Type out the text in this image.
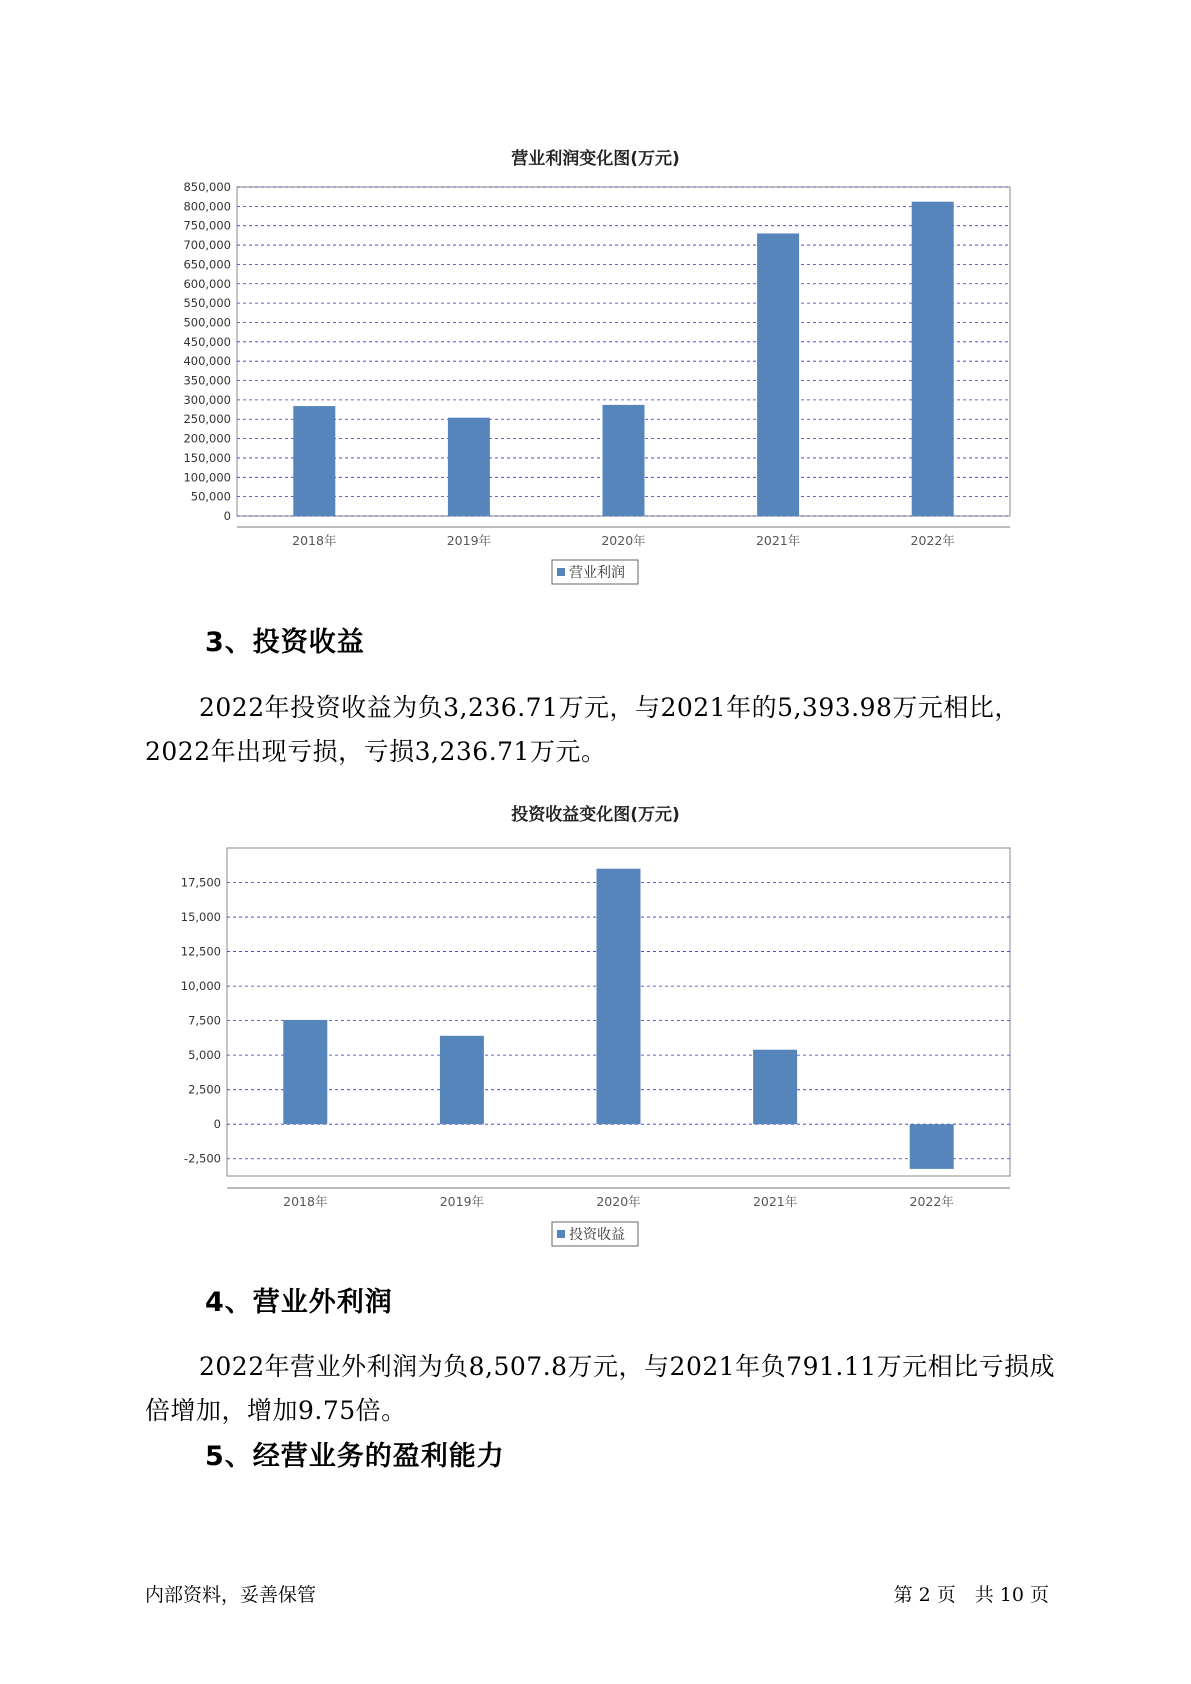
营业利润变化图(万元)
0
50,000
100,000
150,000
200,000
250,000
300,000
350,000
400,000
450,000
500,000
550,000
600,000
650,000
700,000
750,000
800,000
850,000
2018年	2019年	2020年	2021年	2022年
营业利润
3、投资收益
2022年投资收益为负3,236.71万元，与2021年的5,393.98万元相比，2022年出现亏损，亏损3,236.71万元。
投资收益变化图(万元)
-2,500
0
2,500
5,000
7,500
10,000
12,500
15,000
17,500
2018年	2019年	2020年	2021年	2022年
投资收益
4、营业外利润
2022年营业外利润为负8,507.8万元，与2021年负791.11万元相比亏损成倍增加，增加9.75倍。
5、经营业务的盈利能力
内部资料，妥善保管	第 2 页　共 10 页
